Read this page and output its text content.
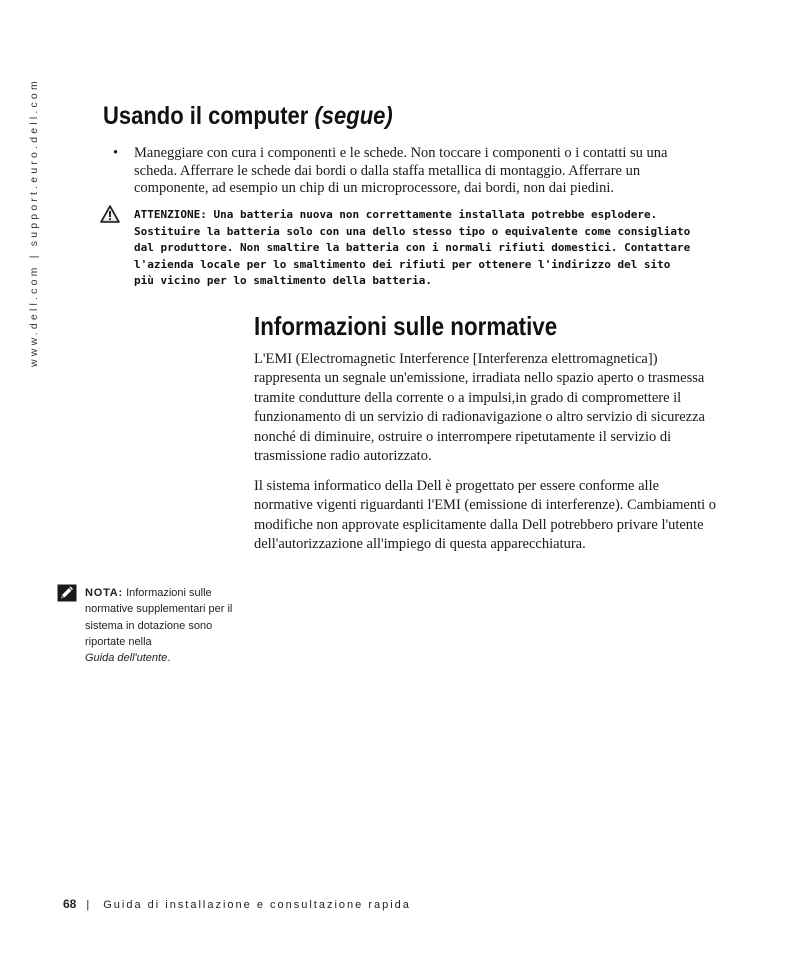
www.dell.com | support.euro.dell.com	Usando il computer (segue)
• Maneggiare con cura i componenti e le schede. Non toccare i componenti o i contatti su una scheda. Afferrare le schede dai bordi o dalla staffa metallica di montaggio. Afferrare un componente, ad esempio un chip di un microprocessore, dai bordi, non dai piedini.
ATTENZIONE: Una batteria nuova non correttamente installata potrebbe esplodere. Sostituire la batteria solo con una dello stesso tipo o equivalente come consigliato dal produttore. Non smaltire la batteria con i normali rifiuti domestici. Contattare l'azienda locale per lo smaltimento dei rifiuti per ottenere l'indirizzo del sito più vicino per lo smaltimento della batteria.
Informazioni sulle normative

L'EMI (Electromagnetic Interference [Interferenza elettromagnetica]) rappresenta un segnale un'emissione, irradiata nello spazio aperto o trasmessa tramite condutture della corrente o a impulsi,in grado di compromettere il funzionamento di un servizio di radionavigazione o altro servizio di sicurezza nonché di diminuire, ostruire o interrompere ripetutamente il servizio di trasmissione radio autorizzato.

Il sistema informatico della Dell è progettato per essere conforme alle normative vigenti riguardanti l'EMI (emissione di interferenze). Cambiamenti o modifiche non approvate esplicitamente dalla Dell potrebbero privare l'utente dell'autorizzazione all'impiego di questa apparecchiatura.

NOTA: Informazioni sulle normative supplementari per il sistema in dotazione sono riportate nella
Guida dell'utente.
68 | Guida di installazione e consultazione rapida
